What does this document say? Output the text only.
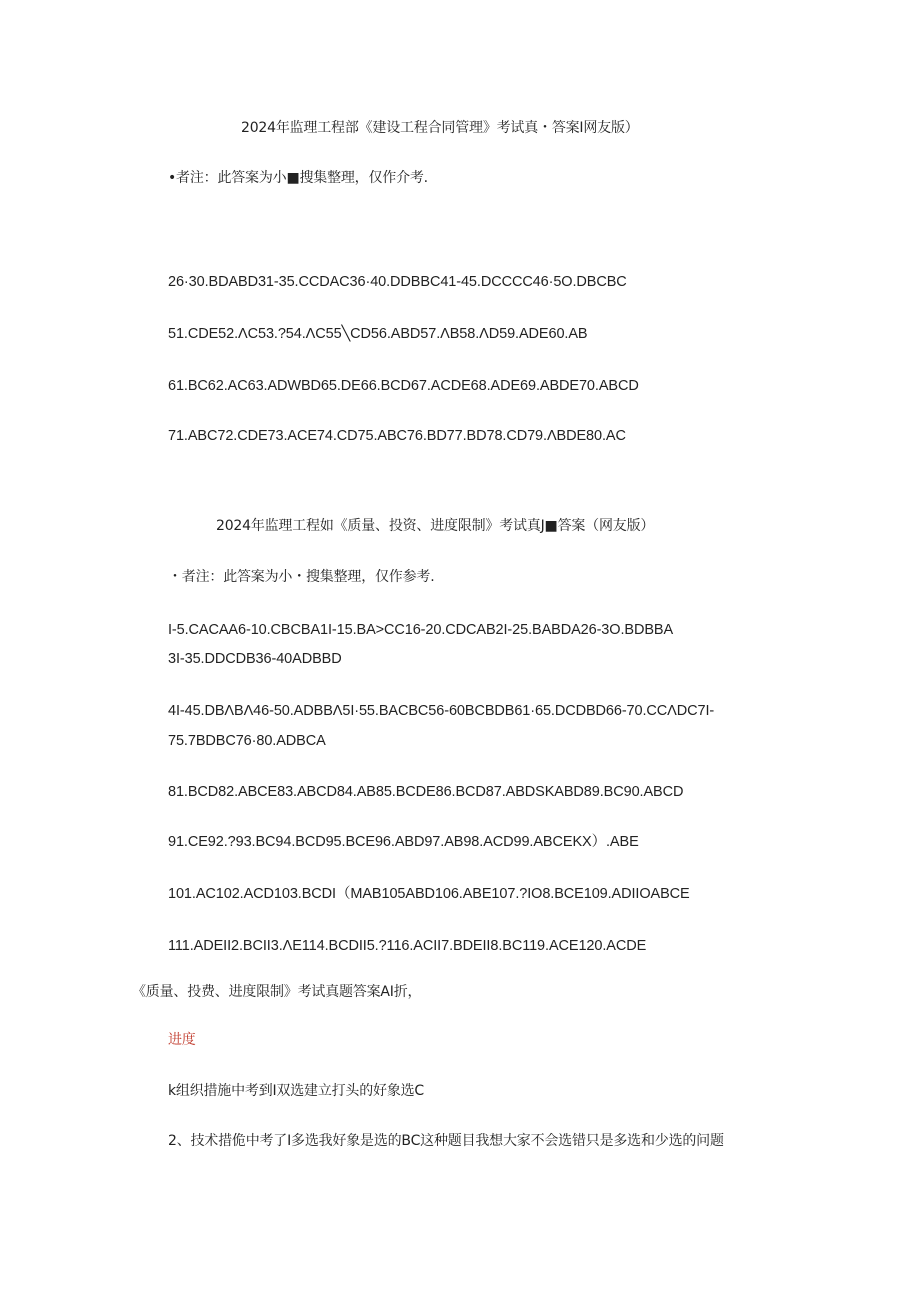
2024年监理工程部《建设工程合同管理》考试真・答案I网友版）
•者注：此答案为小■搜集整理，仅作介考.
26·30.BDABD31-35.CCDAC36·40.DDBBC41-45.DCCCC46·5O.DBCBC
51.CDE52.ΛC53.?54.ΛC55╲CD56.ABD57.ΛB58.ΛD59.ADE60.AB
61.BC62.AC63.ADWBD65.DE66.BCD67.ACDE68.ADE69.ABDE70.ABCD
71.ABC72.CDE73.ACE74.CD75.ABC76.BD77.BD78.CD79.ΛBDE80.AC
2024年监理工程如《质量、投资、进度限制》考试真J■答案（网友版）
・者注：此答案为小・搜集整理，仅作参考.
I-5.CACAA6-10.CBCBA1I-15.BA>CC16-20.CDCAB2I-25.BABDA26-3O.BDBBA
3I-35.DDCDB36-40ADBBD
4I-45.DBΛBΛ46-50.ADBBΛ5I·55.BACBC56-60BCBDB61·65.DCDBD66-70.CCΛDC7I-
75.7BDBC76·80.ADBCA
81.BCD82.ABCE83.ABCD84.AB85.BCDE86.BCD87.ABDSKABD89.BC90.ABCD
91.CE92.?93.BC94.BCD95.BCE96.ABD97.AB98.ACD99.ABCEKX）.ABE
101.AC102.ACD103.BCDI（MAB105ABD106.ABE107.?IO8.BCE109.ADIIOABCE
111.ADEII2.BCII3.ΛE114.BCDII5.?116.ACII7.BDEII8.BC119.ACE120.ACDE
《质量、投费、进度限制》考试真题答案AI折，
进度
k组织措施中考到I双选建立打头的好象选C
2、技术措佹中考了I多选我好象是选的BC这种题目我想大家不会选错只是多选和少选的问题
